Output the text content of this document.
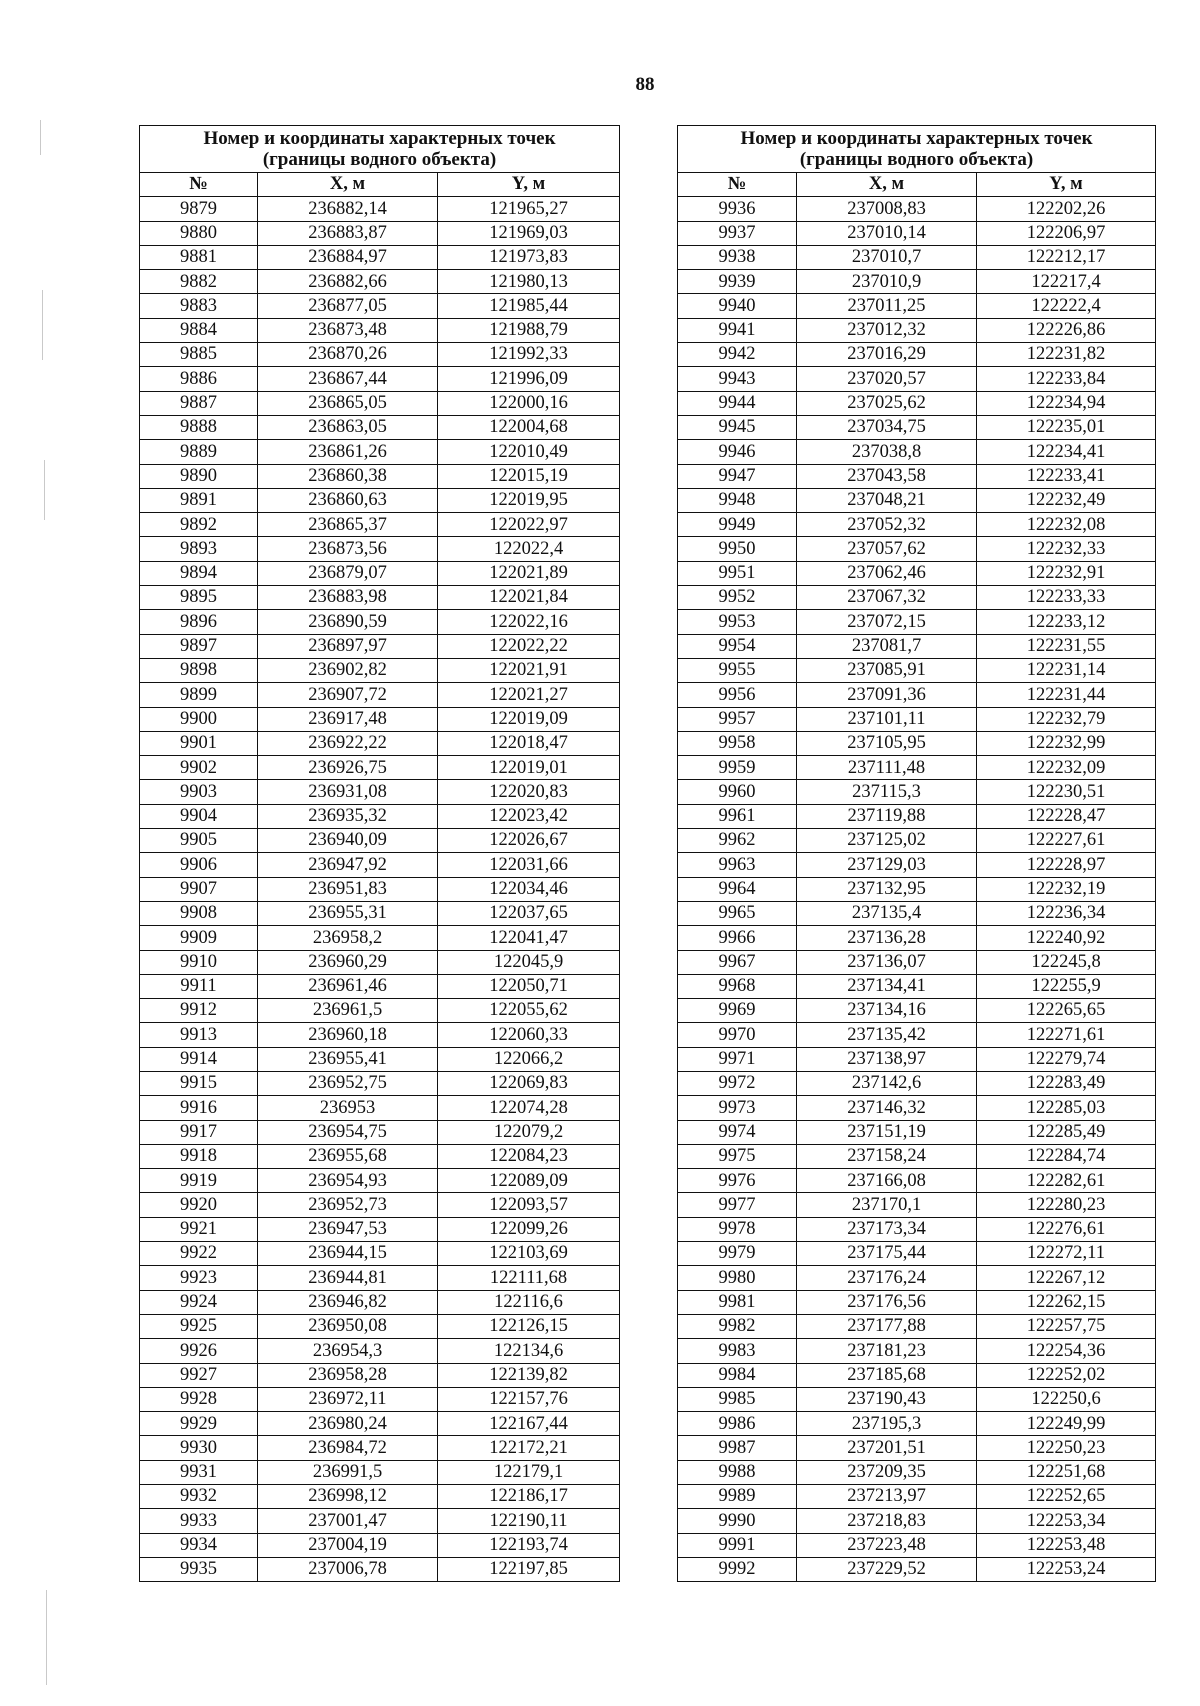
88
Номер и координаты характерных точек
(границы водного объекта)		
№	X, м	Y, м
9879	236882,14	121965,27
9880	236883,87	121969,03
9881	236884,97	121973,83
9882	236882,66	121980,13
9883	236877,05	121985,44
9884	236873,48	121988,79
9885	236870,26	121992,33
9886	236867,44	121996,09
9887	236865,05	122000,16
9888	236863,05	122004,68
9889	236861,26	122010,49
9890	236860,38	122015,19
9891	236860,63	122019,95
9892	236865,37	122022,97
9893	236873,56	122022,4
9894	236879,07	122021,89
9895	236883,98	122021,84
9896	236890,59	122022,16
9897	236897,97	122022,22
9898	236902,82	122021,91
9899	236907,72	122021,27
9900	236917,48	122019,09
9901	236922,22	122018,47
9902	236926,75	122019,01
9903	236931,08	122020,83
9904	236935,32	122023,42
9905	236940,09	122026,67
9906	236947,92	122031,66
9907	236951,83	122034,46
9908	236955,31	122037,65
9909	236958,2	122041,47
9910	236960,29	122045,9
9911	236961,46	122050,71
9912	236961,5	122055,62
9913	236960,18	122060,33
9914	236955,41	122066,2
9915	236952,75	122069,83
9916	236953	122074,28
9917	236954,75	122079,2
9918	236955,68	122084,23
9919	236954,93	122089,09
9920	236952,73	122093,57
9921	236947,53	122099,26
9922	236944,15	122103,69
9923	236944,81	122111,68
9924	236946,82	122116,6
9925	236950,08	122126,15
9926	236954,3	122134,6
9927	236958,28	122139,82
9928	236972,11	122157,76
9929	236980,24	122167,44
9930	236984,72	122172,21
9931	236991,5	122179,1
9932	236998,12	122186,17
9933	237001,47	122190,11
9934	237004,19	122193,74
9935	237006,78	122197,85
Номер и координаты характерных точек
(границы водного объекта)		
№	X, м	Y, м
9936	237008,83	122202,26
9937	237010,14	122206,97
9938	237010,7	122212,17
9939	237010,9	122217,4
9940	237011,25	122222,4
9941	237012,32	122226,86
9942	237016,29	122231,82
9943	237020,57	122233,84
9944	237025,62	122234,94
9945	237034,75	122235,01
9946	237038,8	122234,41
9947	237043,58	122233,41
9948	237048,21	122232,49
9949	237052,32	122232,08
9950	237057,62	122232,33
9951	237062,46	122232,91
9952	237067,32	122233,33
9953	237072,15	122233,12
9954	237081,7	122231,55
9955	237085,91	122231,14
9956	237091,36	122231,44
9957	237101,11	122232,79
9958	237105,95	122232,99
9959	237111,48	122232,09
9960	237115,3	122230,51
9961	237119,88	122228,47
9962	237125,02	122227,61
9963	237129,03	122228,97
9964	237132,95	122232,19
9965	237135,4	122236,34
9966	237136,28	122240,92
9967	237136,07	122245,8
9968	237134,41	122255,9
9969	237134,16	122265,65
9970	237135,42	122271,61
9971	237138,97	122279,74
9972	237142,6	122283,49
9973	237146,32	122285,03
9974	237151,19	122285,49
9975	237158,24	122284,74
9976	237166,08	122282,61
9977	237170,1	122280,23
9978	237173,34	122276,61
9979	237175,44	122272,11
9980	237176,24	122267,12
9981	237176,56	122262,15
9982	237177,88	122257,75
9983	237181,23	122254,36
9984	237185,68	122252,02
9985	237190,43	122250,6
9986	237195,3	122249,99
9987	237201,51	122250,23
9988	237209,35	122251,68
9989	237213,97	122252,65
9990	237218,83	122253,34
9991	237223,48	122253,48
9992	237229,52	122253,24
